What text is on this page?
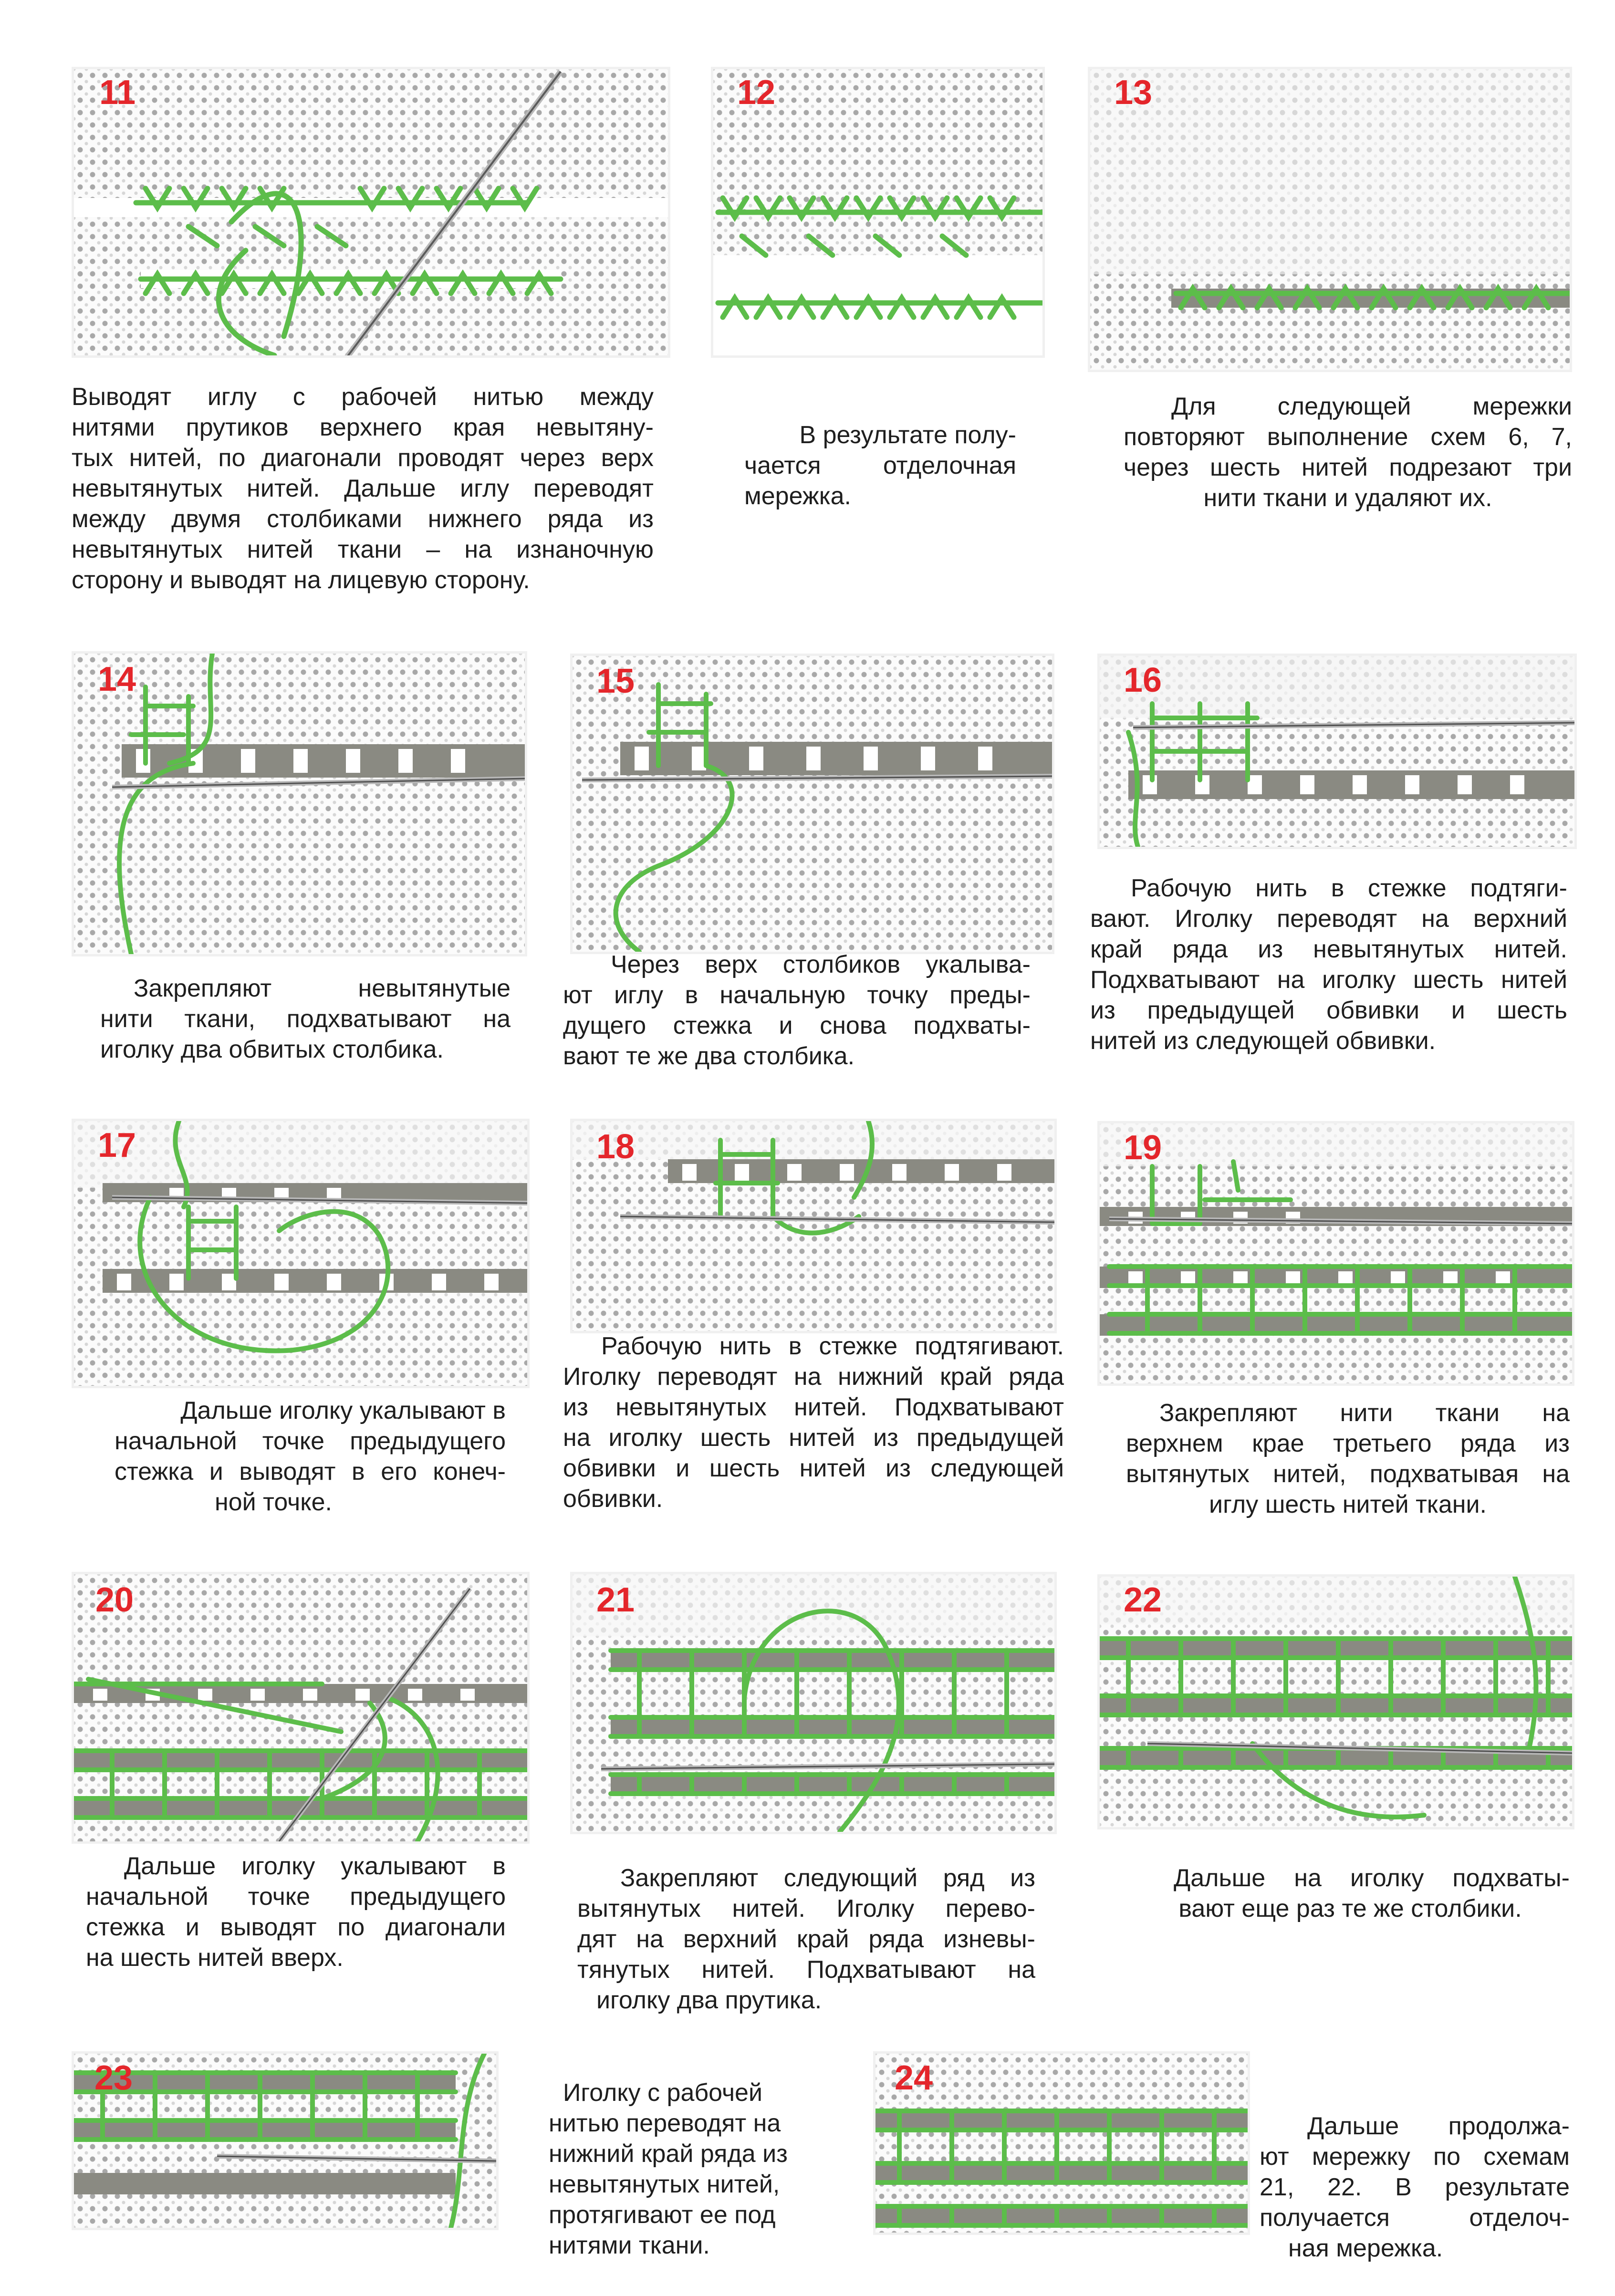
11

Выводят иглу с рабочей нитью между
нитями прутиков верхнего края невытяну-
тых нитей, по диагонали проводят через верх
невытянутых нитей. Дальше иглу переводят
между двумя столбиками нижнего ряда из
невытянутых нитей ткани – на изнаночную
сторону и выводят на лицевую сторону.

12

В результате полу-
чается отделочная
мережка.

13

Для следующей мережки
повторяют выполнение схем 6, 7,
через шесть нитей подрезают три
нити ткани и удаляют их.

14

Закрепляют невытянутые
нити ткани, подхватывают на
иголку два обвитых столбика.

15

Через верх столбиков укалыва-
ют иглу в начальную точку преды-
дущего стежка и снова подхваты-
вают те же два столбика.

16

Рабочую нить в стежке подтяги-
вают. Иголку переводят на верхний
край ряда из невытянутых нитей.
Подхватывают на иголку шесть нитей
из предыдущей обвивки и шесть
нитей из следующей обвивки.

17

Дальше иголку укалывают в
начальной точке предыдущего
стежка и выводят в его конеч-
ной точке.

18

Рабочую нить в стежке подтягивают.
Иголку переводят на нижний край ряда
из невытянутых нитей. Подхватывают
на иголку шесть нитей из предыдущей
обвивки и шесть нитей из следующей
обвивки.

19

Закрепляют нити ткани на
верхнем крае третьего ряда из
вытянутых нитей, подхватывая на
иглу шесть нитей ткани.

20

Дальше иголку укалывают в
начальной точке предыдущего
стежка и выводят по диагонали
на шесть нитей вверх.

21

Закрепляют следующий ряд из
вытянутых нитей. Иголку перево-
дят на верхний край ряда изневы-
тянутых нитей. Подхватывают на
иголку два прутика.

22

Дальше на иголку подхваты-
вают еще раз те же столбики.

23	Иголку с рабочей
нитью переводят на
нижний край ряда из
невытянутых нитей,
протягивают ее под
нитями ткани.

24

Дальше продолжа-
ют мережку по схемам
21, 22. В результате
получается отделоч-
ная мережка.
